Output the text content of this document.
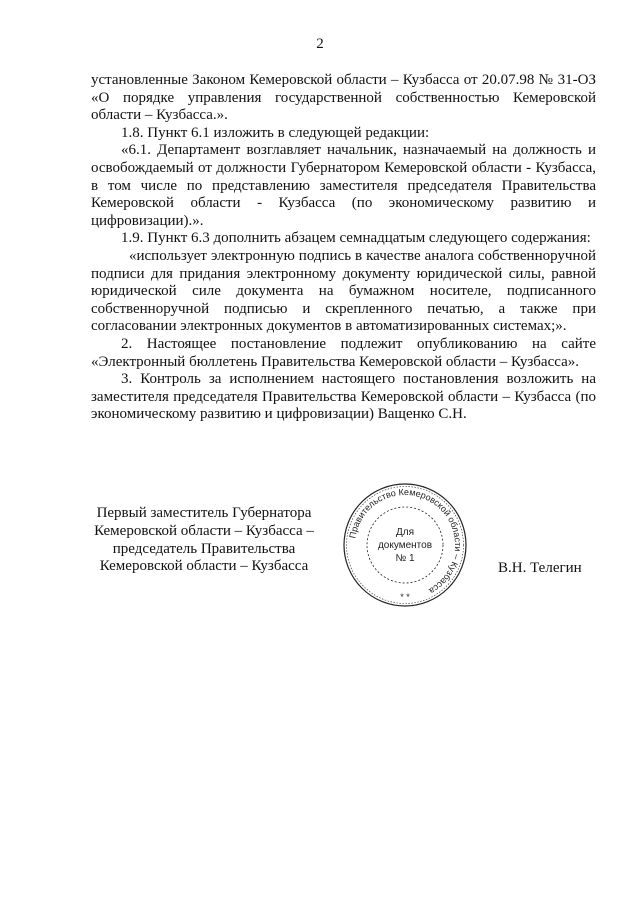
2

установленные Законом Кемеровской области – Кузбасса от 20.07.98 № 31-ОЗ «О порядке управления государственной собственностью Кемеровской области – Кузбасса.».

1.8. Пункт 6.1 изложить в следующей редакции:

«6.1. Департамент возглавляет начальник, назначаемый на должность и освобождаемый от должности Губернатором Кемеровской области - Кузбасса, в том числе по представлению заместителя председателя Правительства Кемеровской области - Кузбасса (по экономическому развитию и цифровизации).».

1.9. Пункт 6.3 дополнить абзацем семнадцатым следующего содержания:

«использует электронную подпись в качестве аналога собственноручной подписи для придания электронному документу юридической силы, равной юридической силе документа на бумажном носителе, подписанного собственноручной подписью и скрепленного печатью, а также при согласовании электронных документов в автоматизированных системах;».

2. Настоящее постановление подлежит опубликованию на сайте «Электронный бюллетень Правительства Кемеровской области – Кузбасса».

3. Контроль за исполнением настоящего постановления возложить на заместителя председателя Правительства Кемеровской области – Кузбасса (по экономическому развитию и цифровизации) Ващенко С.Н.

Первый заместитель Губернатора
Кемеровской области – Кузбасса –
председатель Правительства
Кемеровской области – Кузбасса
Правительство Кемеровской области – Кузбасса
* *
Для
документов
№ 1
В.Н. Телегин
